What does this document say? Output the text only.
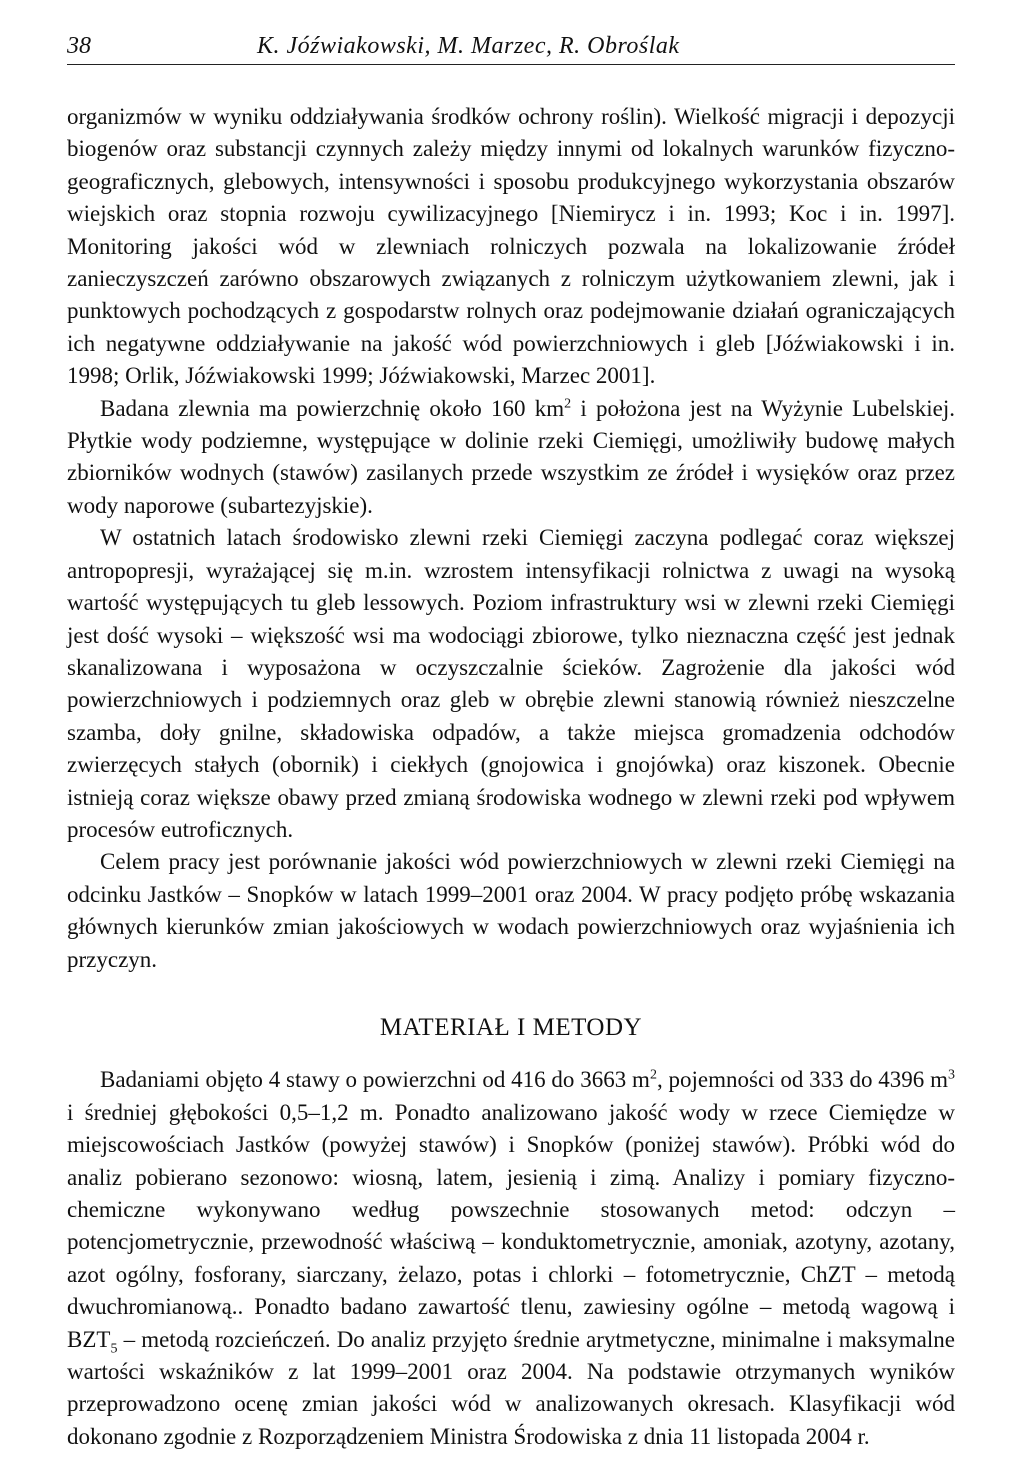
38	K. Jóźwiakowski, M. Marzec, R. Obroślak

organizmów w wyniku oddziaływania środków ochrony roślin). Wielkość migracji i depozycji biogenów oraz substancji czynnych zależy między innymi od lokalnych warunków fizyczno-geograficznych, glebowych, intensywności i sposobu produkcyjnego wykorzystania obszarów wiejskich oraz stopnia rozwoju cywilizacyjnego [Niemirycz i in. 1993; Koc i in. 1997]. Monitoring jakości wód w zlewniach rolniczych pozwala na lokalizowanie źródeł zanieczyszczeń zarówno obszarowych związanych z rolniczym użytkowaniem zlewni, jak i punktowych pochodzących z gospodarstw rolnych oraz podejmowanie działań ograniczających ich negatywne oddziaływanie na jakość wód powierzchniowych i gleb [Jóźwiakowski i in. 1998; Orlik, Jóźwiakowski 1999; Jóźwiakowski, Marzec 2001].

Badana zlewnia ma powierzchnię około 160 $km^2$ i położona jest na Wyżynie Lubelskiej. Płytkie wody podziemne, występujące w dolinie rzeki Ciemięgi, umożliwiły budowę małych zbiorników wodnych (stawów) zasilanych przede wszystkim ze źródeł i wysięków oraz przez wody naporowe (subartezyjskie).

W ostatnich latach środowisko zlewni rzeki Ciemięgi zaczyna podlegać coraz większej antropopresji, wyrażającej się m.in. wzrostem intensyfikacji rolnictwa z uwagi na wysoką wartość występujących tu gleb lessowych. Poziom infrastruktury wsi w zlewni rzeki Ciemięgi jest dość wysoki – większość wsi ma wodociągi zbiorowe, tylko nieznaczna część jest jednak skanalizowana i wyposażona w oczyszczalnie ścieków. Zagrożenie dla jakości wód powierzchniowych i podziemnych oraz gleb w obrębie zlewni stanowią również nieszczelne szamba, doły gnilne, składowiska odpadów, a także miejsca gromadzenia odchodów zwierzęcych stałych (obornik) i ciekłych (gnojowica i gnojówka) oraz kiszonek. Obecnie istnieją coraz większe obawy przed zmianą środowiska wodnego w zlewni rzeki pod wpływem procesów eutroficznych.

Celem pracy jest porównanie jakości wód powierzchniowych w zlewni rzeki Ciemięgi na odcinku Jastków – Snopków w latach 1999–2001 oraz 2004. W pracy podjęto próbę wskazania głównych kierunków zmian jakościowych w wodach powierzchniowych oraz wyjaśnienia ich przyczyn.

MATERIAŁ I METODY

Badaniami objęto 4 stawy o powierzchni od 416 do 3663 $m^2$, pojemności od 333 do 4396 $m^3$ i średniej głębokości 0,5–1,2 m. Ponadto analizowano jakość wody w rzece Ciemiędze w miejscowościach Jastków (powyżej stawów) i Snopków (poniżej stawów). Próbki wód do analiz pobierano sezonowo: wiosną, latem, jesienią i zimą. Analizy i pomiary fizyczno-chemiczne wykonywano według powszechnie stosowanych metod: odczyn – potencjometrycznie, przewodność właściwą – konduktometrycznie, amoniak, azotyny, azotany, azot ogólny, fosforany, siarczany, żelazo, potas i chlorki – fotometrycznie, ChZT – metodą dwuchromianową.. Ponadto badano zawartość tlenu, zawiesiny ogólne – metodą wagową i $BZT_5$ – metodą rozcieńczeń. Do analiz przyjęto średnie arytmetyczne, minimalne i maksymalne wartości wskaźników z lat 1999–2001 oraz 2004. Na podstawie otrzymanych wyników przeprowadzono ocenę zmian jakości wód w analizowanych okresach. Klasyfikacji wód dokonano zgodnie z Rozporządzeniem Ministra Środowiska z dnia 11 listopada 2004 r.
